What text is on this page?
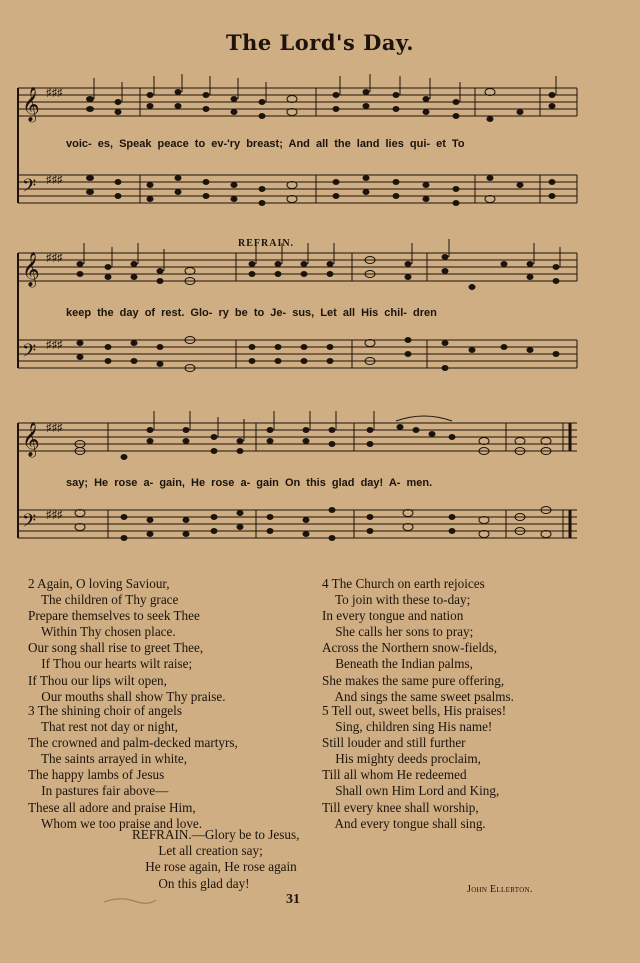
The Lord's Day.
𝄞
𝄢
♯♯♯
♯♯♯
voic- es, Speak peace to ev-'ry breast; And all the land lies qui- et To
REFRAIN.
𝄞
𝄢
♯♯♯
♯♯♯
keep the day of rest. Glo- ry be to Je- sus, Let all His chil- dren
𝄞
𝄢
♯♯♯
♯♯♯
say; He rose a- gain, He rose a- gain On this glad day! A- men.
2 Again, O loving Saviour,
The children of Thy grace
Prepare themselves to seek Thee
Within Thy chosen place.
Our song shall rise to greet Thee,
If Thou our hearts wilt raise;
If Thou our lips wilt open,
Our mouths shall show Thy praise.
4 The Church on earth rejoices
To join with these to-day;
In every tongue and nation
She calls her sons to pray;
Across the Northern snow-fields,
Beneath the Indian palms,
She makes the same pure offering,
And sings the same sweet psalms.
3 The shining choir of angels
That rest not day or night,
The crowned and palm-decked martyrs,
The saints arrayed in white,
The happy lambs of Jesus
In pastures fair above—
These all adore and praise Him,
Whom we too praise and love.
5 Tell out, sweet bells, His praises!
Sing, children sing His name!
Still louder and still further
His mighty deeds proclaim,
Till all whom He redeemed
Shall own Him Lord and King,
Till every knee shall worship,
And every tongue shall sing.
REFRAIN.—Glory be to Jesus,
Let all creation say;
He rose again, He rose again
On this glad day!
31
John Ellerton.
